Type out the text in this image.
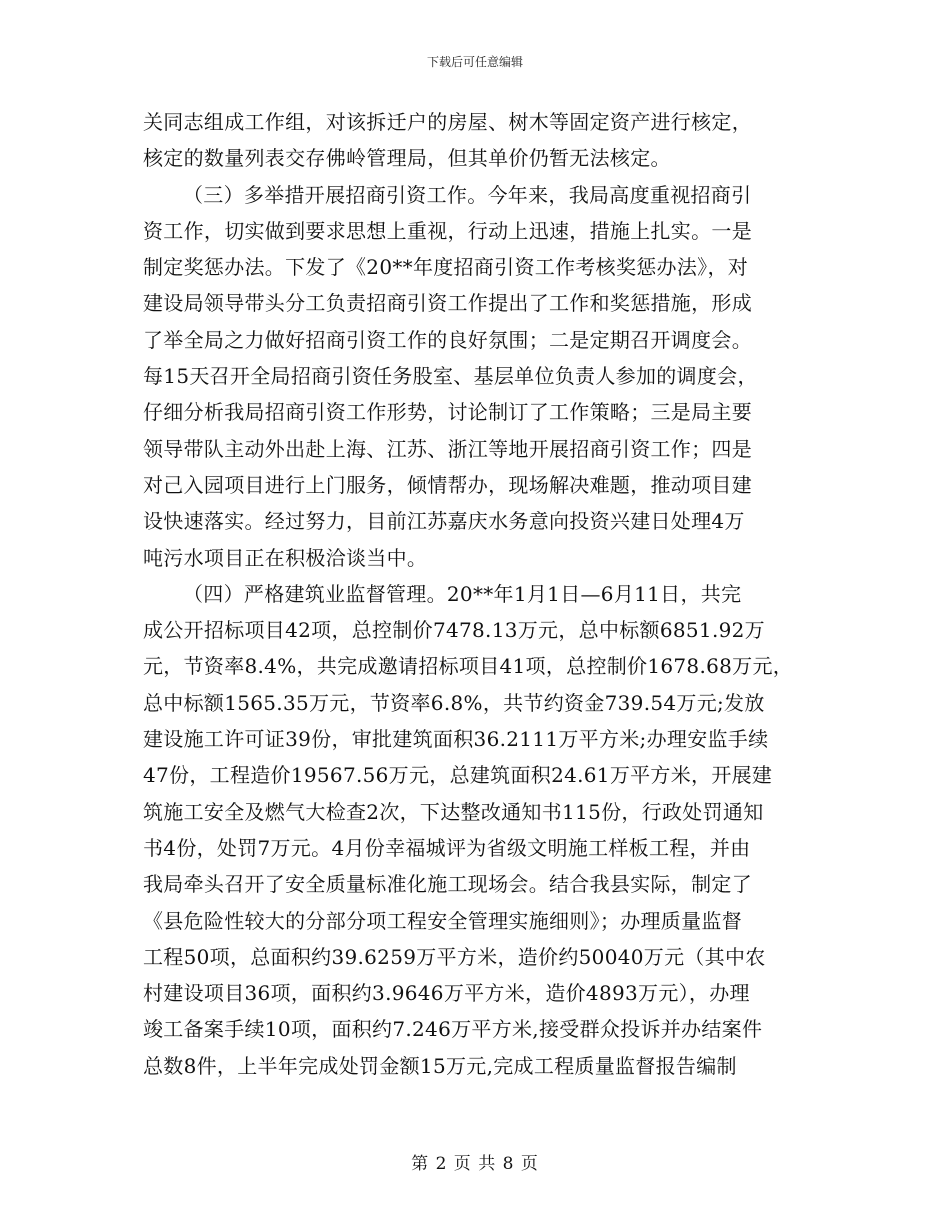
下载后可任意编辑
关同志组成工作组，对该拆迁户的房屋、树木等固定资产进行核定，
核定的数量列表交存佛岭管理局，但其单价仍暂无法核定。
（三）多举措开展招商引资工作。今年来，我局高度重视招商引
资工作，切实做到要求思想上重视，行动上迅速，措施上扎实。一是
制定奖惩办法。下发了《20**年度招商引资工作考核奖惩办法》，对
建设局领导带头分工负责招商引资工作提出了工作和奖惩措施，形成
了举全局之力做好招商引资工作的良好氛围；二是定期召开调度会。
每15天召开全局招商引资任务股室、基层单位负责人参加的调度会，
仔细分析我局招商引资工作形势，讨论制订了工作策略；三是局主要
领导带队主动外出赴上海、江苏、浙江等地开展招商引资工作；四是
对己入园项目进行上门服务，倾情帮办，现场解决难题，推动项目建
设快速落实。经过努力，目前江苏嘉庆水务意向投资兴建日处理4万
吨污水项目正在积极洽谈当中。
（四）严格建筑业监督管理。20**年1月1日—6月11日，共完
成公开招标项目42项，总控制价7478.13万元，总中标额6851.92万
元，节资率8.4%，共完成邀请招标项目41项，总控制价1678.68万元，
总中标额1565.35万元，节资率6.8%，共节约资金739.54万元;发放
建设施工许可证39份，审批建筑面积36.2111万平方米;办理安监手续
47份，工程造价19567.56万元，总建筑面积24.61万平方米，开展建
筑施工安全及燃气大检查2次，下达整改通知书115份，行政处罚通知
书4份，处罚7万元。4月份幸福城评为省级文明施工样板工程，并由
我局牵头召开了安全质量标准化施工现场会。结合我县实际，制定了
《县危险性较大的分部分项工程安全管理实施细则》；办理质量监督
工程50项，总面积约39.6259万平方米，造价约50040万元（其中农
村建设项目36项，面积约3.9646万平方米，造价4893万元），办理
竣工备案手续10项，面积约7.246万平方米,接受群众投诉并办结案件
总数8件，上半年完成处罚金额15万元,完成工程质量监督报告编制
第 2 页 共 8 页
